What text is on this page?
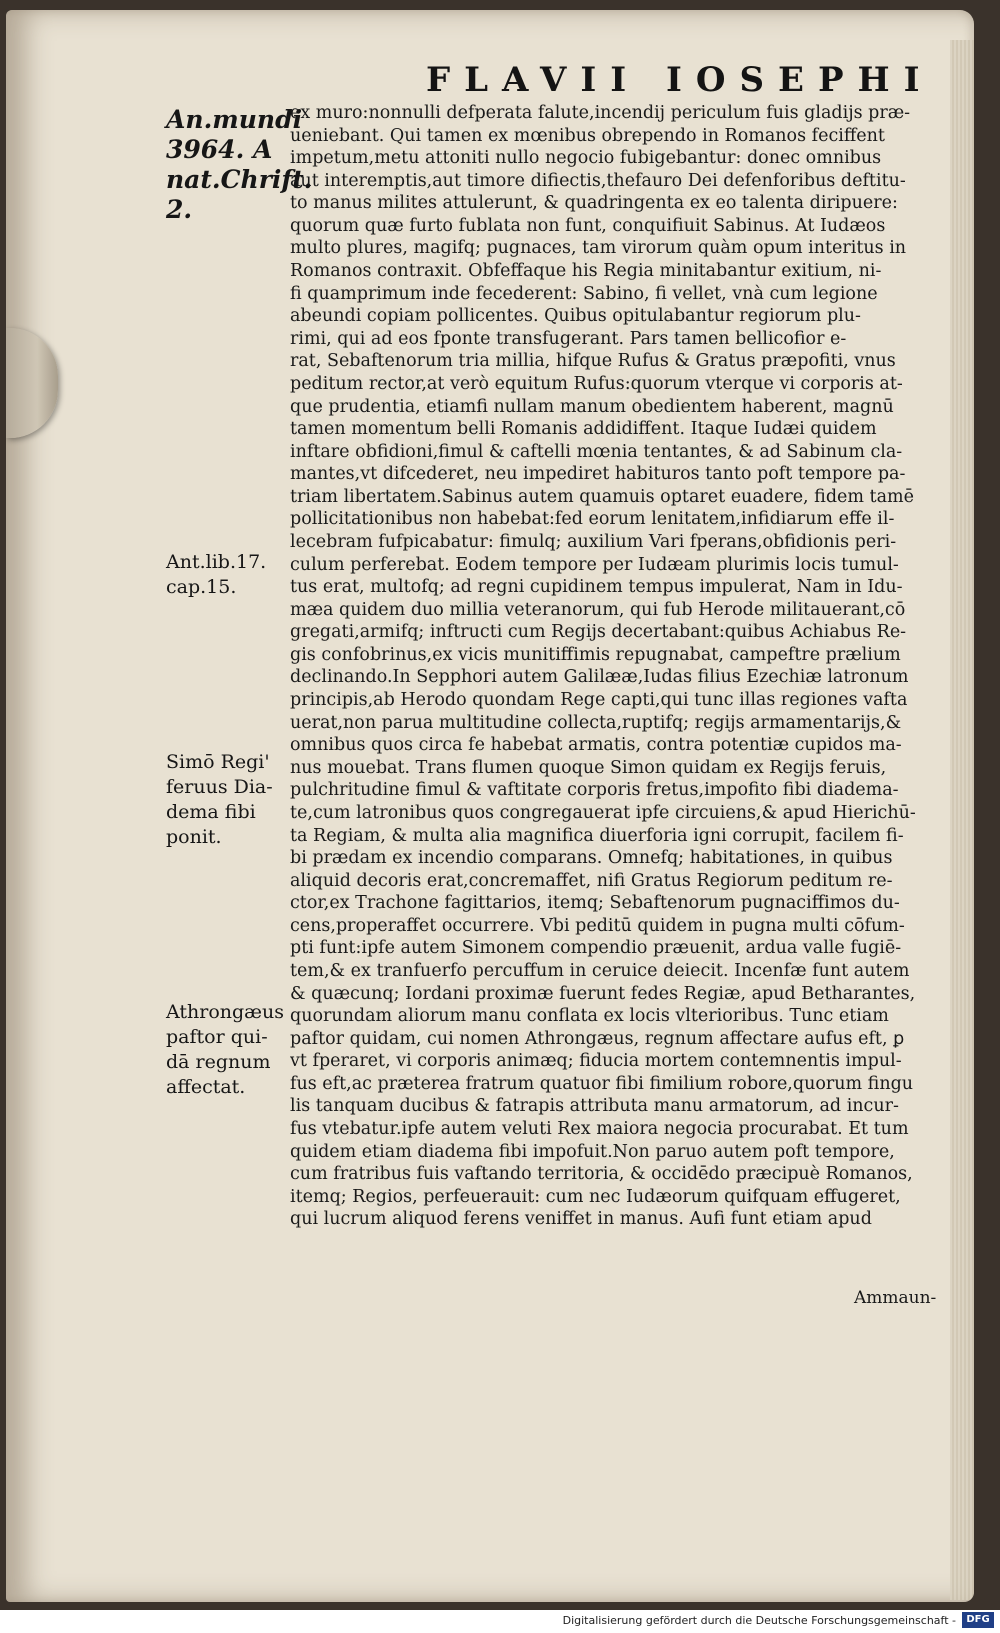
FLAVII IOSEPHI
An.mundi
3964. A
nat.Chrift.
2.
Ant.lib.17.
cap.15.
Simō Regi'
feruus Dia-
dema fibi
ponit.
Athrongæus
paftor qui-
dā regnum
affectat.
ex muro:nonnulli defperata falute,incendij periculum fuis gladijs præ-
ueniebant. Qui tamen ex mœnibus obrependo in Romanos feciffent
impetum,metu attoniti nullo negocio fubigebantur: donec omnibus
aut interemptis,aut timore difiectis,thefauro Dei defenforibus deftitu-
to manus milites attulerunt, & quadringenta ex eo talenta diripuere:
quorum quæ furto fublata non funt, conquifiuit Sabinus. At Iudæos
multo plures, magifq; pugnaces, tam virorum quàm opum interitus in
Romanos contraxit. Obfeffaque his Regia minitabantur exitium, ni-
fi quamprimum inde fecederent: Sabino, fi vellet, vnà cum legione
abeundi copiam pollicentes. Quibus opitulabantur regiorum plu-
rimi, qui ad eos fponte transfugerant. Pars tamen bellicofior e-
rat, Sebaftenorum tria millia, hifque Rufus & Gratus præpofiti, vnus
peditum rector,at verò equitum Rufus:quorum vterque vi corporis at-
que prudentia, etiamfi nullam manum obedientem haberent, magnū
tamen momentum belli Romanis addidiffent. Itaque Iudæi quidem
inftare obfidioni,fimul & caftelli mœnia tentantes, & ad Sabinum cla-
mantes,vt difcederet, neu impediret habituros tanto poft tempore pa-
triam libertatem.Sabinus autem quamuis optaret euadere, fidem tamē
pollicitationibus non habebat:fed eorum lenitatem,infidiarum effe il-
lecebram fufpicabatur: fimulq; auxilium Vari fperans,obfidionis peri-
culum perferebat. Eodem tempore per Iudæam plurimis locis tumul-
tus erat, multofq; ad regni cupidinem tempus impulerat, Nam in Idu-
mæa quidem duo millia veteranorum, qui fub Herode militauerant,cō
gregati,armifq; inftructi cum Regijs decertabant:quibus Achiabus Re-
gis confobrinus,ex vicis munitiffimis repugnabat, campeftre prælium
declinando.In Sepphori autem Galilææ,Iudas filius Ezechiæ latronum
principis,ab Herodo quondam Rege capti,qui tunc illas regiones vafta
uerat,non parua multitudine collecta,ruptifq; regijs armamentarijs,&
omnibus quos circa fe habebat armatis, contra potentiæ cupidos ma-
nus mouebat. Trans flumen quoque Simon quidam ex Regijs feruis,
pulchritudine fimul & vaftitate corporis fretus,impofito fibi diadema-
te,cum latronibus quos congregauerat ipfe circuiens,& apud Hierichū-
ta Regiam, & multa alia magnifica diuerforia igni corrupit, facilem fi-
bi prædam ex incendio comparans. Omnefq; habitationes, in quibus
aliquid decoris erat,concremaffet, nifi Gratus Regiorum peditum re-
ctor,ex Trachone fagittarios, itemq; Sebaftenorum pugnaciffimos du-
cens,properaffet occurrere. Vbi peditū quidem in pugna multi cōfum-
pti funt:ipfe autem Simonem compendio præuenit, ardua valle fugiē-
tem,& ex tranfuerfo percuffum in ceruice deiecit. Incenfæ funt autem
& quæcunq; Iordani proximæ fuerunt fedes Regiæ, apud Betharantes,
quorundam aliorum manu conflata ex locis vlterioribus. Tunc etiam
paftor quidam, cui nomen Athrongæus, regnum affectare aufus eft, ꝑ
vt fperaret, vi corporis animæq; fiducia mortem contemnentis impul-
fus eft,ac præterea fratrum quatuor fibi fimilium robore,quorum fingu
lis tanquam ducibus & fatrapis attributa manu armatorum, ad incur-
fus vtebatur.ipfe autem veluti Rex maiora negocia procurabat. Et tum
quidem etiam diadema fibi impofuit.Non paruo autem poft tempore,
cum fratribus fuis vaftando territoria, & occidēdo præcipuè Romanos,
itemq; Regios, perfeuerauit: cum nec Iudæorum quifquam effugeret,
qui lucrum aliquod ferens veniffet in manus. Aufi funt etiam apud
Ammaun-
Digitalisierung gefördert durch die Deutsche Forschungsgemeinschaft -	DFG
